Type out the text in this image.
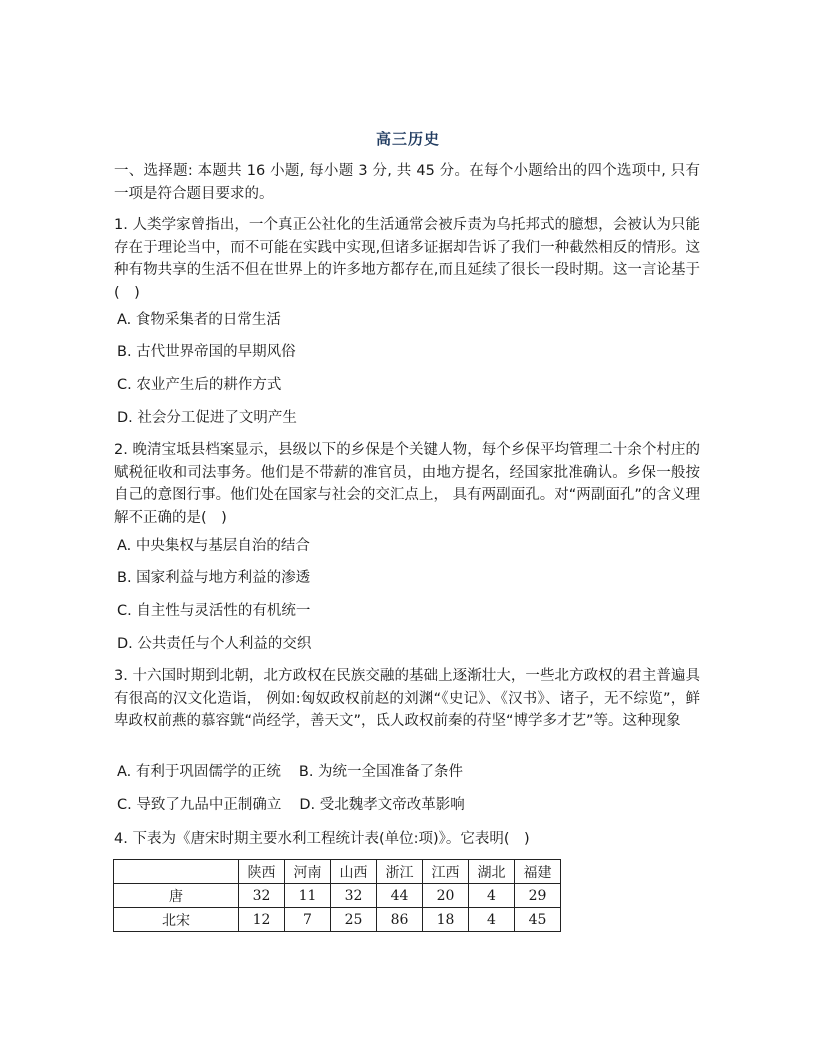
高三历史
一、选择题: 本题共 16 小题, 每小题 3 分, 共 45 分。在每个小题给出的四个选项中, 只有一项是符合题目要求的。
1. 人类学家曾指出，一个真正公社化的生活通常会被斥责为乌托邦式的臆想，会被认为只能存在于理论当中，而不可能在实践中实现,但诸多证据却告诉了我们一种截然相反的情形。这种有物共享的生活不但在世界上的许多地方都存在,而且延续了很长一段时期。这一言论基于(　)
A. 食物采集者的日常生活
B. 古代世界帝国的早期风俗
C. 农业产生后的耕作方式
D. 社会分工促进了文明产生
2. 晚清宝坻县档案显示，县级以下的乡保是个关键人物，每个乡保平均管理二十余个村庄的赋税征收和司法事务。他们是不带薪的准官员，由地方提名，经国家批准确认。乡保一般按自己的意图行事。他们处在国家与社会的交汇点上， 具有两副面孔。对“两副面孔”的含义理解不正确的是(　)
A. 中央集权与基层自治的结合
B. 国家利益与地方利益的渗透
C. 自主性与灵活性的有机统一
D. 公共责任与个人利益的交织
3. 十六国时期到北朝，北方政权在民族交融的基础上逐渐壮大，一些北方政权的君主普遍具有很高的汉文化造诣， 例如:匈奴政权前赵的刘渊“《史记》、《汉书》、诸子，无不综览”，鲜卑政权前燕的慕容皝“尚经学，善天文”，氐人政权前秦的苻坚“博学多才艺”等。这种现象
A. 有利于巩固儒学的正统 B. 为统一全国准备了条件
C. 导致了九品中正制确立 D. 受北魏孝文帝改革影响
4. 下表为《唐宋时期主要水利工程统计表(单位:项)》。它表明(　)
	陕西	河南	山西	浙江	江西	湖北	福建
唐	32	11	32	44	20	4	29
北宋	12	7	25	86	18	4	45
